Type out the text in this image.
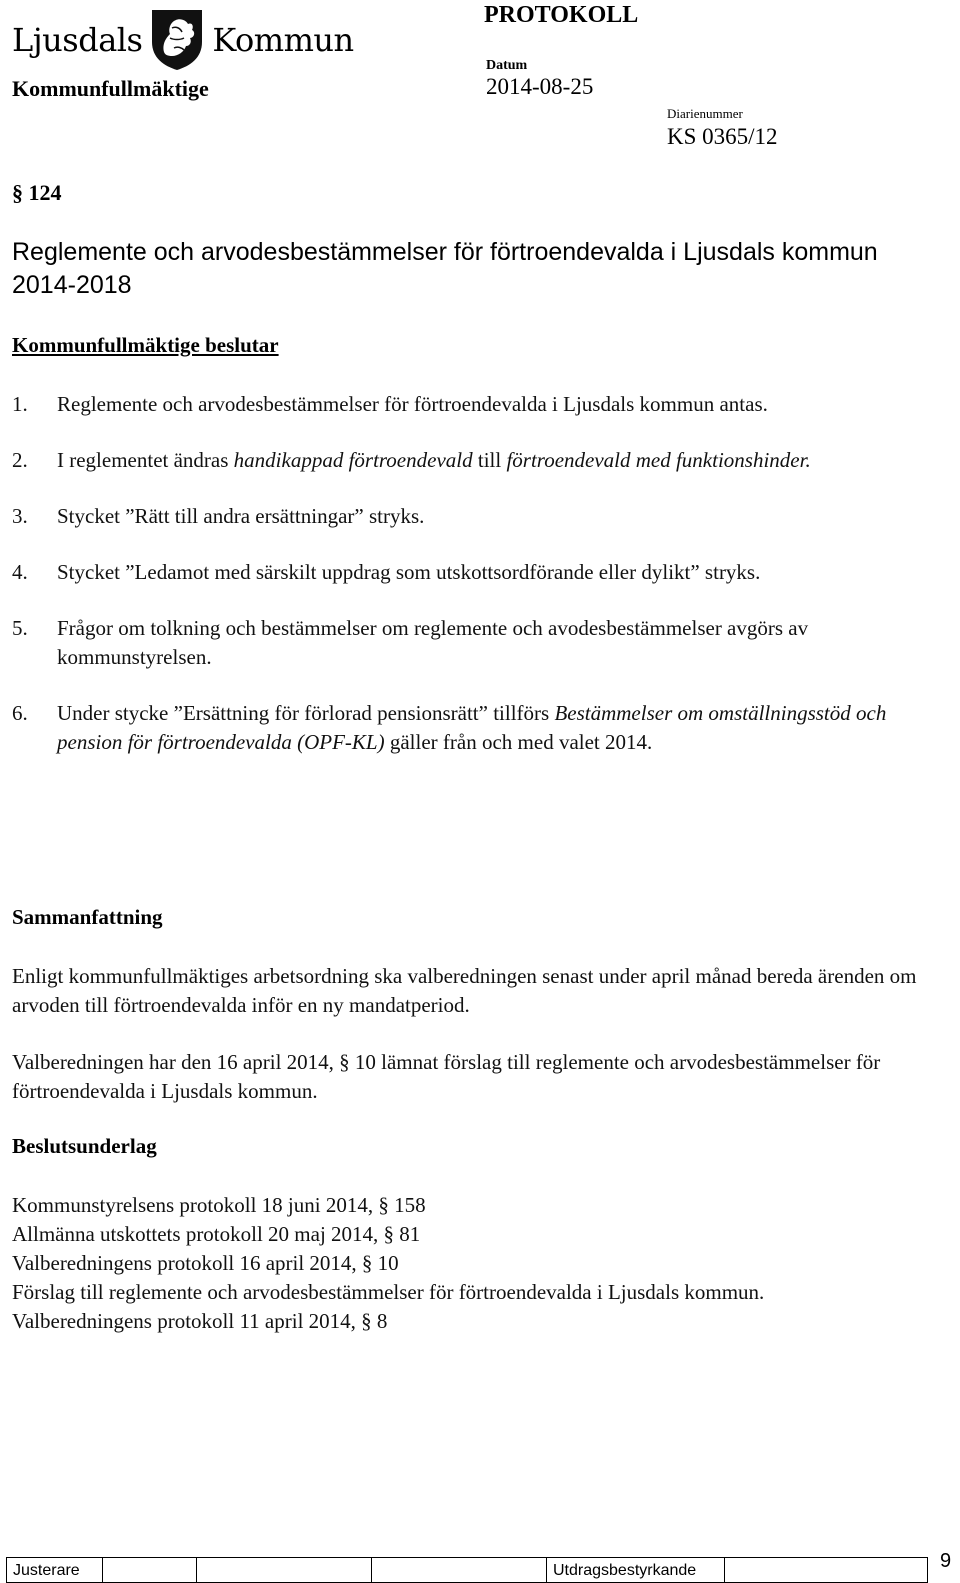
Ljusdals Kommun
PROTOKOLL
Kommunfullmäktige
Datum
2014-08-25
Diarienummer
KS 0365/12
§ 124
Reglemente och arvodesbestämmelser för förtroendevalda i Ljusdals kommun 2014-2018
Kommunfullmäktige beslutar
1.	Reglemente och arvodesbestämmelser för förtroendevalda i Ljusdals kommun antas.
2.	I reglementet ändras handikappad förtroendevald till förtroendevald med funktionshinder.
3.	Stycket ”Rätt till andra ersättningar” stryks.
4.	Stycket ”Ledamot med särskilt uppdrag som utskottsordförande eller dylikt” stryks.
5.	Frågor om tolkning och bestämmelser om reglemente och avodesbestämmelser avgörs av kommunstyrelsen.
6.	Under stycke ”Ersättning för förlorad pensionsrätt” tillförs Bestämmelser om omställningsstöd och pension för förtroendevalda (OPF-KL) gäller från och med valet 2014.
Sammanfattning
Enligt kommunfullmäktiges arbetsordning ska valberedningen senast under april månad bereda ärenden om arvoden till förtroendevalda inför en ny mandatperiod.
Valberedningen har den 16 april 2014, § 10 lämnat förslag till reglemente och arvodesbestämmelser för förtroendevalda i Ljusdals kommun.
Beslutsunderlag
Kommunstyrelsens protokoll 18 juni 2014, § 158
Allmänna utskottets protokoll 20 maj 2014, § 81
Valberedningens protokoll 16 april 2014, § 10
Förslag till reglemente och arvodesbestämmelser för förtroendevalda i Ljusdals kommun.
Valberedningens protokoll 11 april 2014, § 8
Justerare	Utdragsbestyrkande	9
